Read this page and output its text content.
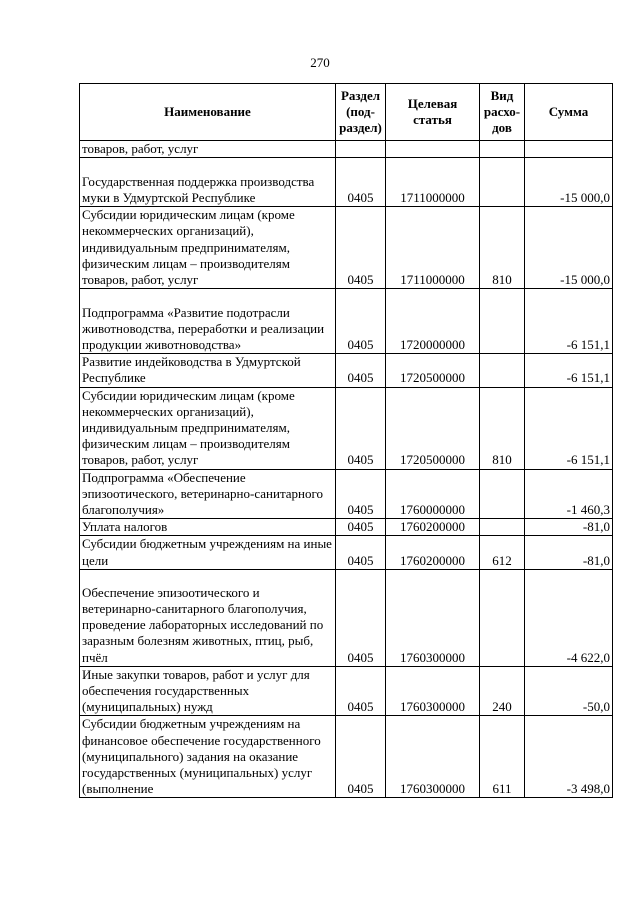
270
Наименование	Раздел (под-раздел)	Целевая статья	Вид расхо-дов	Сумма
товаров, работ, услуг				
Государственная поддержка производства муки в Удмуртской Республике	0405	1711000000		-15 000,0
Субсидии юридическим лицам (кроме некоммерческих организаций), индивидуальным предпринимателям, физическим лицам – производителям товаров, работ, услуг	0405	1711000000	810	-15 000,0
Подпрограмма «Развитие подотрасли животноводства, переработки и реализации продукции животноводства»	0405	1720000000		-6 151,1
Развитие индейководства в Удмуртской Республике	0405	1720500000		-6 151,1
Субсидии юридическим лицам (кроме некоммерческих организаций), индивидуальным предпринимателям, физическим лицам – производителям товаров, работ, услуг	0405	1720500000	810	-6 151,1
Подпрограмма «Обеспечение эпизоотического, ветеринарно-санитарного благополучия»	0405	1760000000		-1 460,3
Уплата налогов	0405	1760200000		-81,0
Субсидии бюджетным учреждениям на иные цели	0405	1760200000	612	-81,0
Обеспечение эпизоотического и ветеринарно-санитарного благополучия, проведение лабораторных исследований по заразным болезням животных, птиц, рыб, пчёл	0405	1760300000		-4 622,0
Иные закупки товаров, работ и услуг для обеспечения государственных (муниципальных) нужд	0405	1760300000	240	-50,0
Субсидии бюджетным учреждениям на финансовое обеспечение государственного (муниципального) задания на оказание государственных (муниципальных) услуг (выполнение	0405	1760300000	611	-3 498,0
